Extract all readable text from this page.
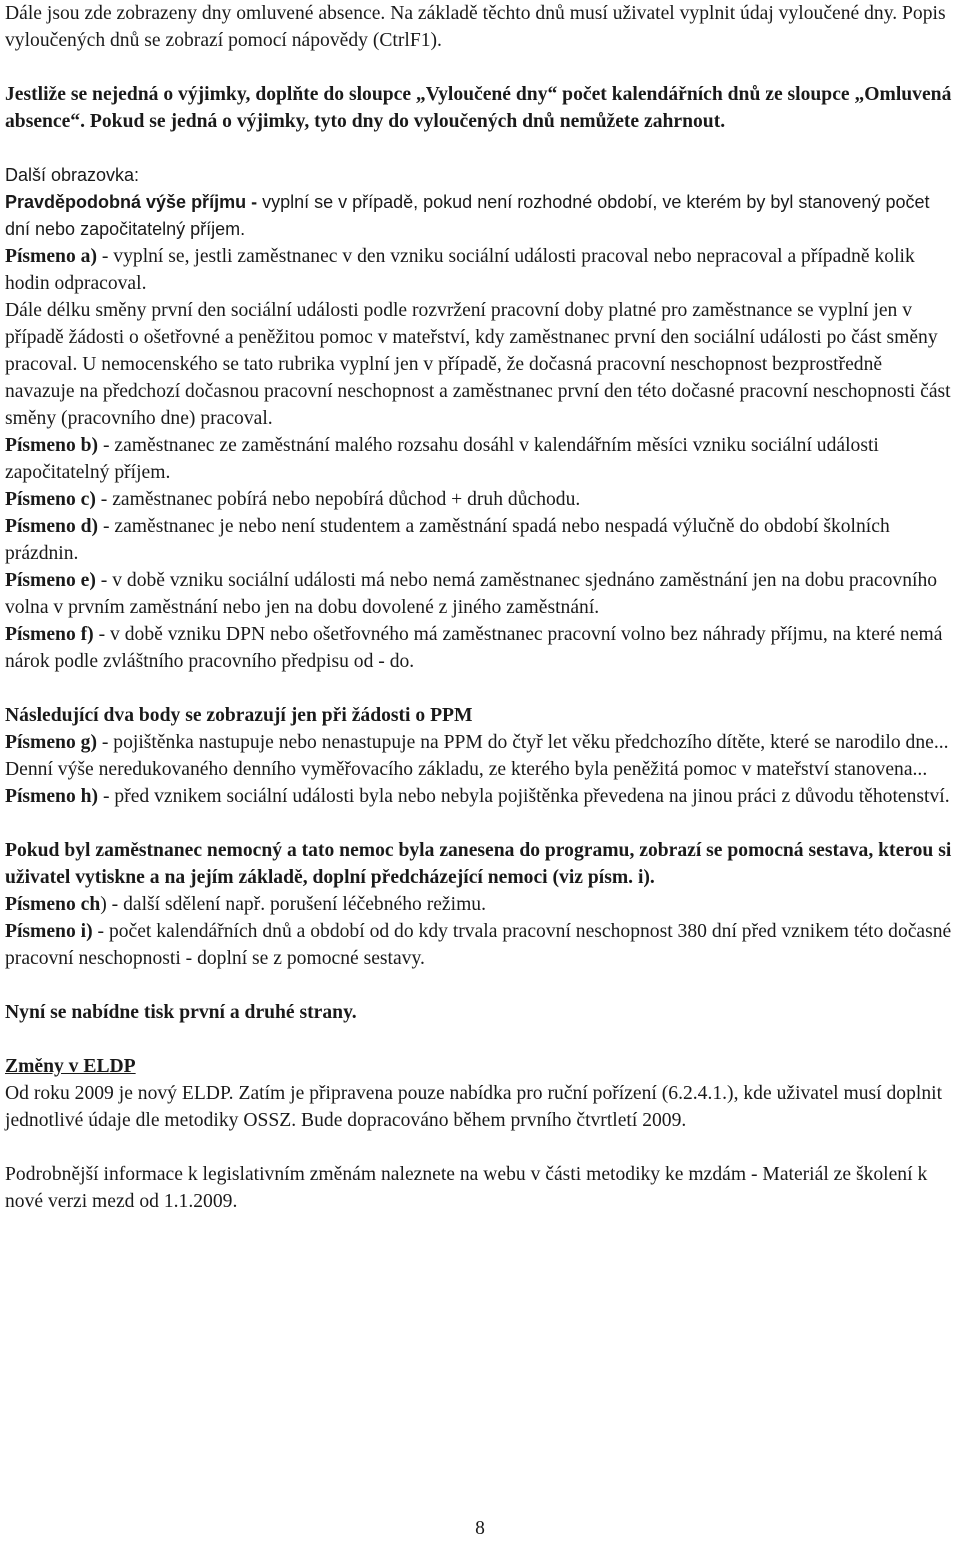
Dále jsou zde zobrazeny dny omluvené absence. Na základě těchto dnů musí uživatel vyplnit údaj vyloučené dny. Popis vyloučených dnů se zobrazí pomocí nápovědy (CtrlF1).

Jestliže se nejedná o výjimky, doplňte do sloupce „Vyloučené dny“ počet kalendářních dnů ze sloupce „Omluvená absence“. Pokud se jedná o výjimky, tyto dny do vyloučených dnů nemůžete zahrnout.

Další obrazovka:

Pravděpodobná výše příjmu - vyplní se v případě, pokud není rozhodné období, ve kterém by byl stanovený počet dní nebo započitatelný příjem.

Písmeno a) - vyplní se, jestli zaměstnanec v den vzniku sociální události pracoval nebo nepracoval a případně kolik hodin odpracoval.

Dále délku směny první den sociální události podle rozvržení pracovní doby platné pro zaměstnance se vyplní jen v případě žádosti o ošetřovné a peněžitou pomoc v mateřství, kdy zaměstnanec první den sociální události po část směny pracoval. U nemocenského se tato rubrika vyplní jen v případě, že dočasná pracovní neschopnost bezprostředně navazuje na předchozí dočasnou pracovní neschopnost a zaměstnanec první den této dočasné pracovní neschopnosti část směny (pracovního dne) pracoval.

Písmeno b) - zaměstnanec ze zaměstnání malého rozsahu dosáhl v kalendářním měsíci vzniku sociální události započitatelný příjem.

Písmeno c) - zaměstnanec pobírá nebo nepobírá důchod + druh důchodu.

Písmeno d) - zaměstnanec je nebo není studentem a zaměstnání spadá nebo nespadá výlučně do období školních prázdnin.

Písmeno e) - v době vzniku sociální události má nebo nemá zaměstnanec sjednáno zaměstnání jen na dobu pracovního volna v prvním zaměstnání nebo jen na dobu dovolené z jiného zaměstnání.

Písmeno f) - v době vzniku DPN nebo ošetřovného má zaměstnanec pracovní volno bez náhrady příjmu, na které nemá nárok podle zvláštního pracovního předpisu od - do.

Následující dva body se zobrazují jen při žádosti o PPM

Písmeno g) - pojištěnka nastupuje nebo nenastupuje na PPM do čtyř let věku předchozího dítěte, které se narodilo dne... Denní výše neredukovaného denního vyměřovacího základu, ze kterého byla peněžitá pomoc v mateřství stanovena...

Písmeno h) - před vznikem sociální události byla nebo nebyla pojištěnka převedena na jinou práci z důvodu těhotenství.

Pokud byl zaměstnanec nemocný a tato nemoc byla zanesena do programu, zobrazí se pomocná sestava, kterou si uživatel vytiskne a na jejím základě, doplní předcházející nemoci (viz písm. i).

Písmeno ch) - další sdělení např. porušení léčebného režimu.

Písmeno i) - počet kalendářních dnů a období od do kdy trvala pracovní neschopnost 380 dní před vznikem této dočasné pracovní neschopnosti - doplní se z pomocné sestavy.

Nyní se nabídne tisk první a druhé strany.

Změny v ELDP

Od roku 2009 je nový ELDP. Zatím je připravena pouze nabídka pro ruční pořízení (6.2.4.1.), kde uživatel musí doplnit jednotlivé údaje dle metodiky OSSZ. Bude dopracováno během prvního čtvrtletí 2009.

Podrobnější informace k legislativním změnám naleznete na webu v části metodiky ke mzdám - Materiál ze školení k nové verzi mezd od 1.1.2009.

8
